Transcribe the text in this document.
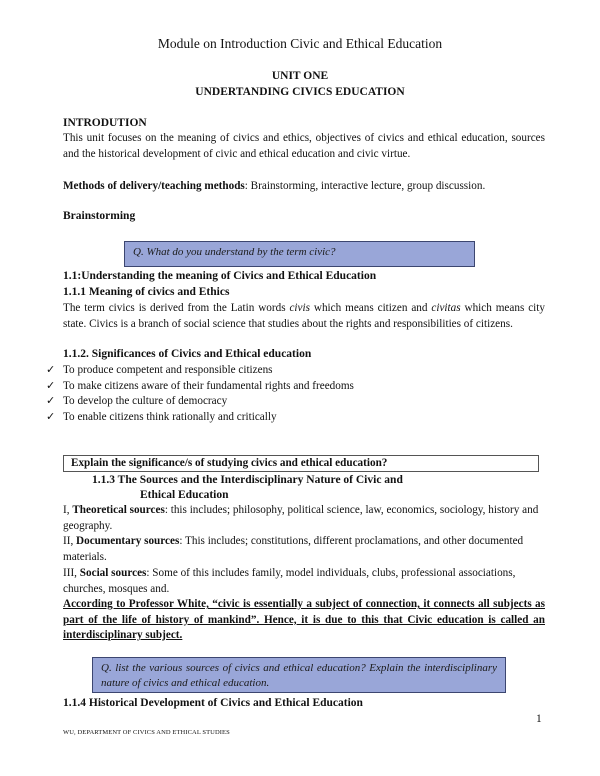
Module on Introduction Civic and Ethical Education
UNIT ONE
UNDERTANDING CIVICS EDUCATION
INTRODUTION
This unit focuses on the meaning of civics and ethics, objectives of civics and ethical education, sources and the historical development of civic and ethical education and civic virtue.
Methods of delivery/teaching methods: Brainstorming, interactive lecture, group discussion.
Brainstorming
Q. What do you understand by the term civic?
1.1:Understanding the meaning of Civics and Ethical Education
1.1.1 Meaning of civics and Ethics
The term civics is derived from the Latin words civis which means citizen and civitas which means city state. Civics is a branch of social science that studies about the rights and responsibilities of citizens.
1.1.2. Significances of Civics and Ethical education
✓ To produce competent and responsible citizens
✓ To make citizens aware of their fundamental rights and freedoms
✓ To develop the culture of democracy
✓ To enable citizens think rationally and critically
Explain the significance/s of studying civics and ethical education?
1.1.3 The Sources and the Interdisciplinary Nature of Civic and
Ethical Education
I, Theoretical sources: this includes; philosophy, political science, law, economics, sociology, history and geography.
II, Documentary sources: This includes; constitutions, different proclamations, and other documented materials.
III, Social sources: Some of this includes family, model individuals, clubs, professional associations, churches, mosques and.
According to Professor White, “civic is essentially a subject of connection, it connects all subjects as part of the life of history of mankind”. Hence, it is due to this that Civic education is called an interdisciplinary subject.
Q. list the various sources of civics and ethical education? Explain the interdisciplinary nature of civics and ethical education.
1.1.4 Historical Development of Civics and Ethical Education
1
WU, DEPARTMENT OF CIVICS AND ETHICAL STUDIES
